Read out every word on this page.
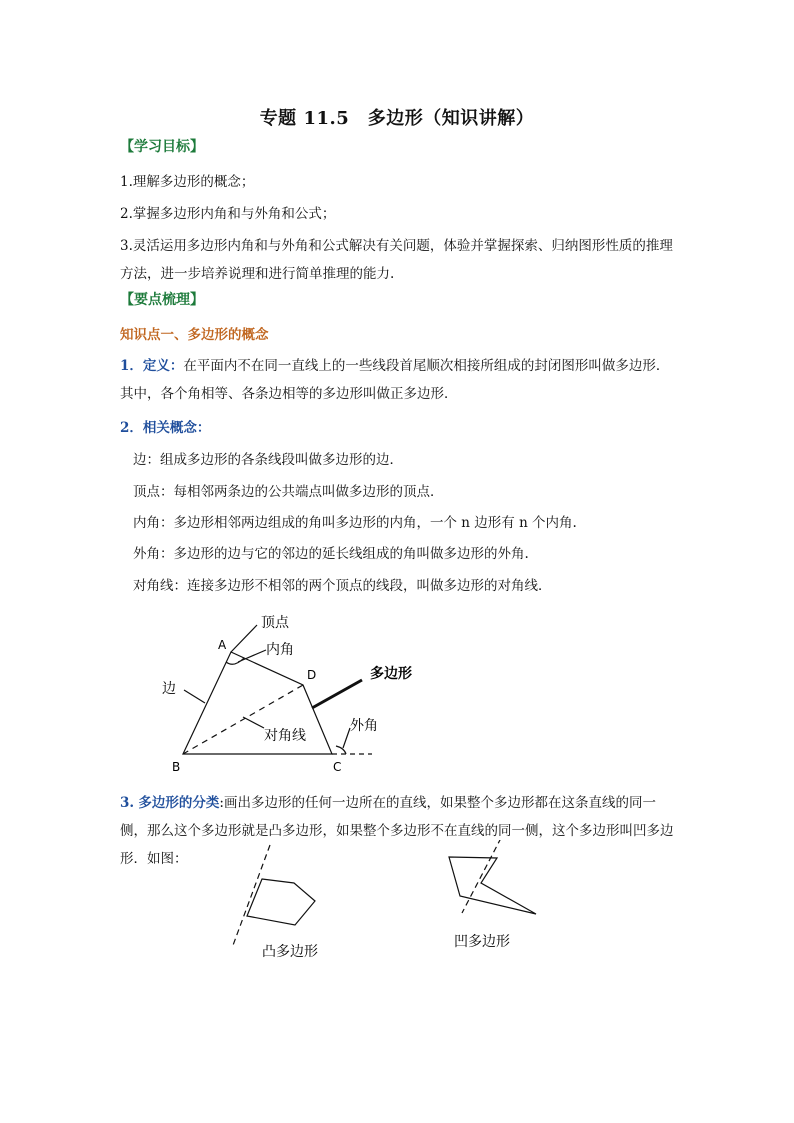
专题 11.5　多边形（知识讲解）
【学习目标】
1.理解多边形的概念；
2.掌握多边形内角和与外角和公式；
3.灵活运用多边形内角和与外角和公式解决有关问题，体验并掌握探索、归纳图形性质的推理方法，进一步培养说理和进行简单推理的能力.
【要点梳理】
知识点一、多边形的概念
1．定义：在平面内不在同一直线上的一些线段首尾顺次相接所组成的封闭图形叫做多边形．其中，各个角相等、各条边相等的多边形叫做正多边形．
2．相关概念：
边：组成多边形的各条线段叫做多边形的边．
顶点：每相邻两条边的公共端点叫做多边形的顶点．
内角：多边形相邻两边组成的角叫多边形的内角，一个 n 边形有 n 个内角.
外角：多边形的边与它的邻边的延长线组成的角叫做多边形的外角.
对角线：连接多边形不相邻的两个顶点的线段，叫做多边形的对角线．
A
B	C
D
顶点
内角
边
多边形
对角线
外角
3. 多边形的分类:画出多边形的任何一边所在的直线，如果整个多边形都在这条直线的同一侧，那么这个多边形就是凸多边形，如果整个多边形不在直线的同一侧，这个多边形叫凹多边形．如图：
凸多边形
凹多边形
